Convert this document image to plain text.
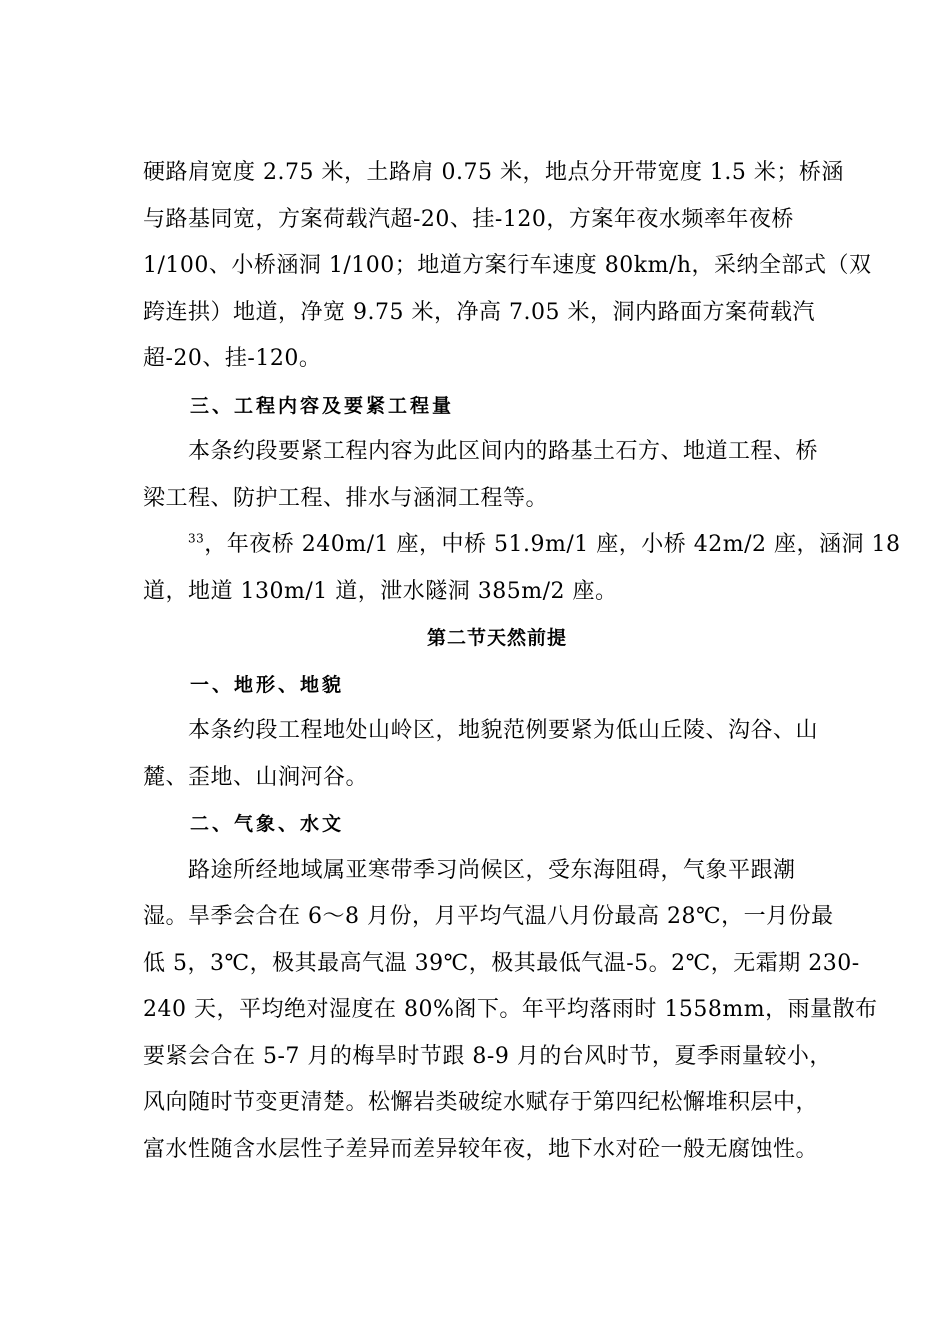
硬路肩宽度 2.75 米，土路肩 0.75 米，地点分开带宽度 1.5 米；桥涵
与路基同宽，方案荷载汽超-20、挂-120，方案年夜水频率年夜桥
1/100、小桥涵洞 1/100；地道方案行车速度 80km/h，采纳全部式（双
跨连拱）地道，净宽 9.75 米，净高 7.05 米，洞内路面方案荷载汽
超-20、挂-120。
三、工程内容及要紧工程量
本条约段要紧工程内容为此区间内的路基土石方、地道工程、桥
梁工程、防护工程、排水与涵洞工程等。
$^{33}$，年夜桥 240m/1 座，中桥 51.9m/1 座，小桥 42m/2 座，涵洞 18
道，地道 130m/1 道，泄水隧洞 385m/2 座。
第二节天然前提
一、地形、地貌
本条约段工程地处山岭区，地貌范例要紧为低山丘陵、沟谷、山
麓、歪地、山涧河谷。
二、气象、水文
路途所经地域属亚寒带季习尚候区，受东海阻碍，气象平跟潮
湿。旱季会合在 6～8 月份，月平均气温八月份最高 28℃，一月份最
低 5，3℃，极其最高气温 39℃，极其最低气温-5。2℃，无霜期 230-
240 天，平均绝对湿度在 80%阁下。年平均落雨时 1558mm，雨量散布
要紧会合在 5-7 月的梅旱时节跟 8-9 月的台风时节，夏季雨量较小，
风向随时节变更清楚。松懈岩类破绽水赋存于第四纪松懈堆积层中，
富水性随含水层性子差异而差异较年夜，地下水对砼一般无腐蚀性。
